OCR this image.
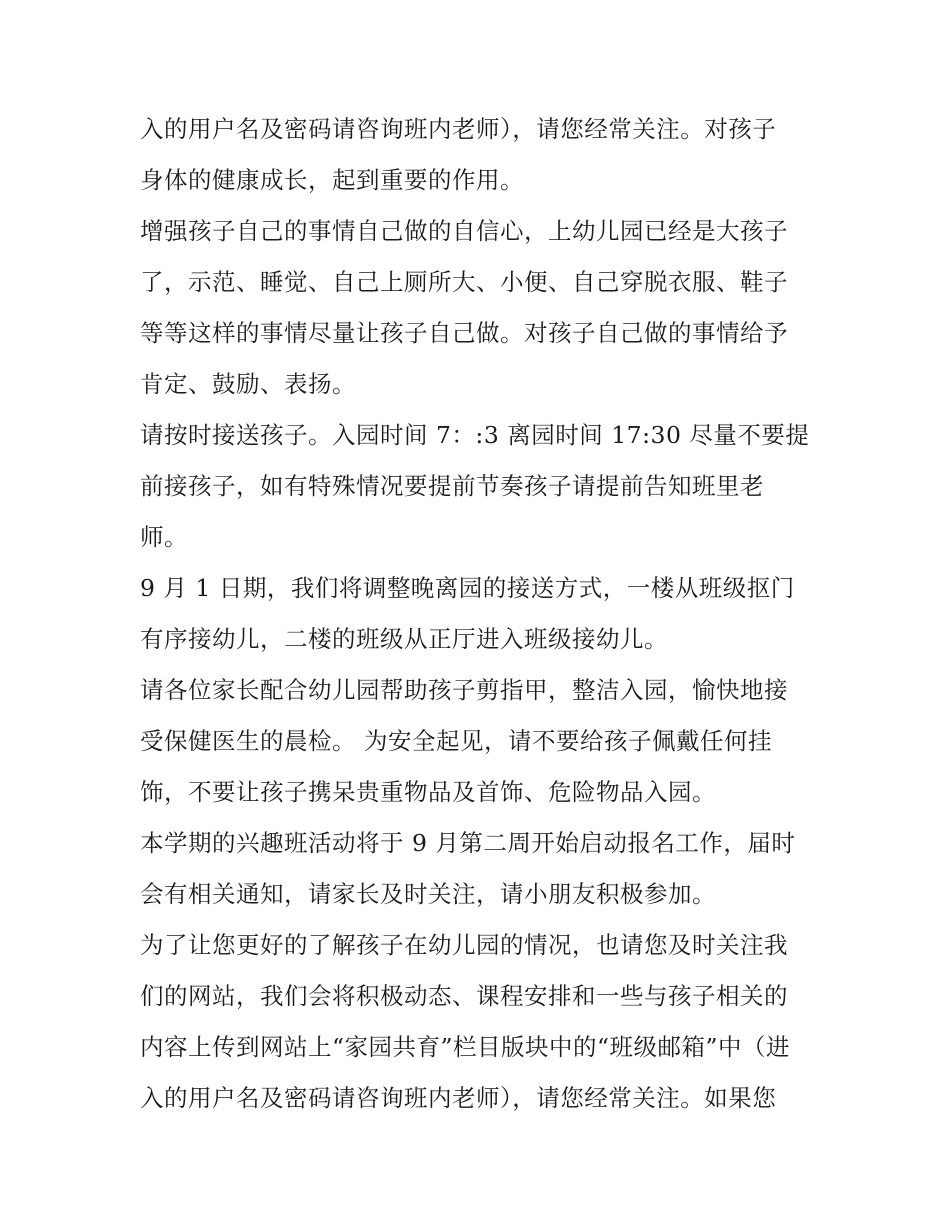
入的用户名及密码请咨询班内老师），请您经常关注。对孩子
身体的健康成长，起到重要的作用。
增强孩子自己的事情自己做的自信心，上幼儿园已经是大孩子
了，示范、睡觉、自己上厕所大、小便、自己穿脱衣服、鞋子
等等这样的事情尽量让孩子自己做。对孩子自己做的事情给予
肯定、鼓励、表扬。
请按时接送孩子。入园时间 7：:3 离园时间 17:30 尽量不要提
前接孩子，如有特殊情况要提前节奏孩子请提前告知班里老
师。
9 月 1 日期，我们将调整晚离园的接送方式，一楼从班级抠门
有序接幼儿，二楼的班级从正厅进入班级接幼儿。
请各位家长配合幼儿园帮助孩子剪指甲，整洁入园，愉快地接
受保健医生的晨检。 为安全起见，请不要给孩子佩戴任何挂
饰，不要让孩子携呆贵重物品及首饰、危险物品入园。
本学期的兴趣班活动将于 9 月第二周开始启动报名工作，届时
会有相关通知，请家长及时关注，请小朋友积极参加。
为了让您更好的了解孩子在幼儿园的情况，也请您及时关注我
们的网站，我们会将积极动态、课程安排和一些与孩子相关的
内容上传到网站上“家园共育”栏目版块中的“班级邮箱”中（进
入的用户名及密码请咨询班内老师），请您经常关注。如果您
